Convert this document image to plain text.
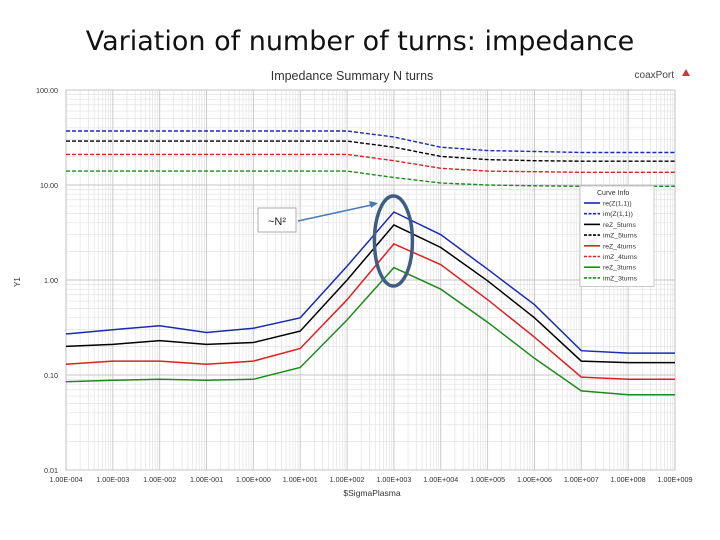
Variation of number of turns: impedance
1.00E-004 1.00E-003 1.00E-002 1.00E-001 1.00E+000 1.00E+001 1.00E+002 1.00E+003 1.00E+004 1.00E+005 1.00E+006 1.00E+007 1.00E+008 1.00E+009
100.00
10.00
1.00
0.10
0.01
Curve Info
re(Z(1,1))
im(Z(1,1))
reZ_5turns
imZ_5turns
reZ_4turns
imZ_4turns
reZ_3turns
imZ_3turns
~N²
Impedance Summary N turns	coaxPort
$SigmaPlasma
Y1
